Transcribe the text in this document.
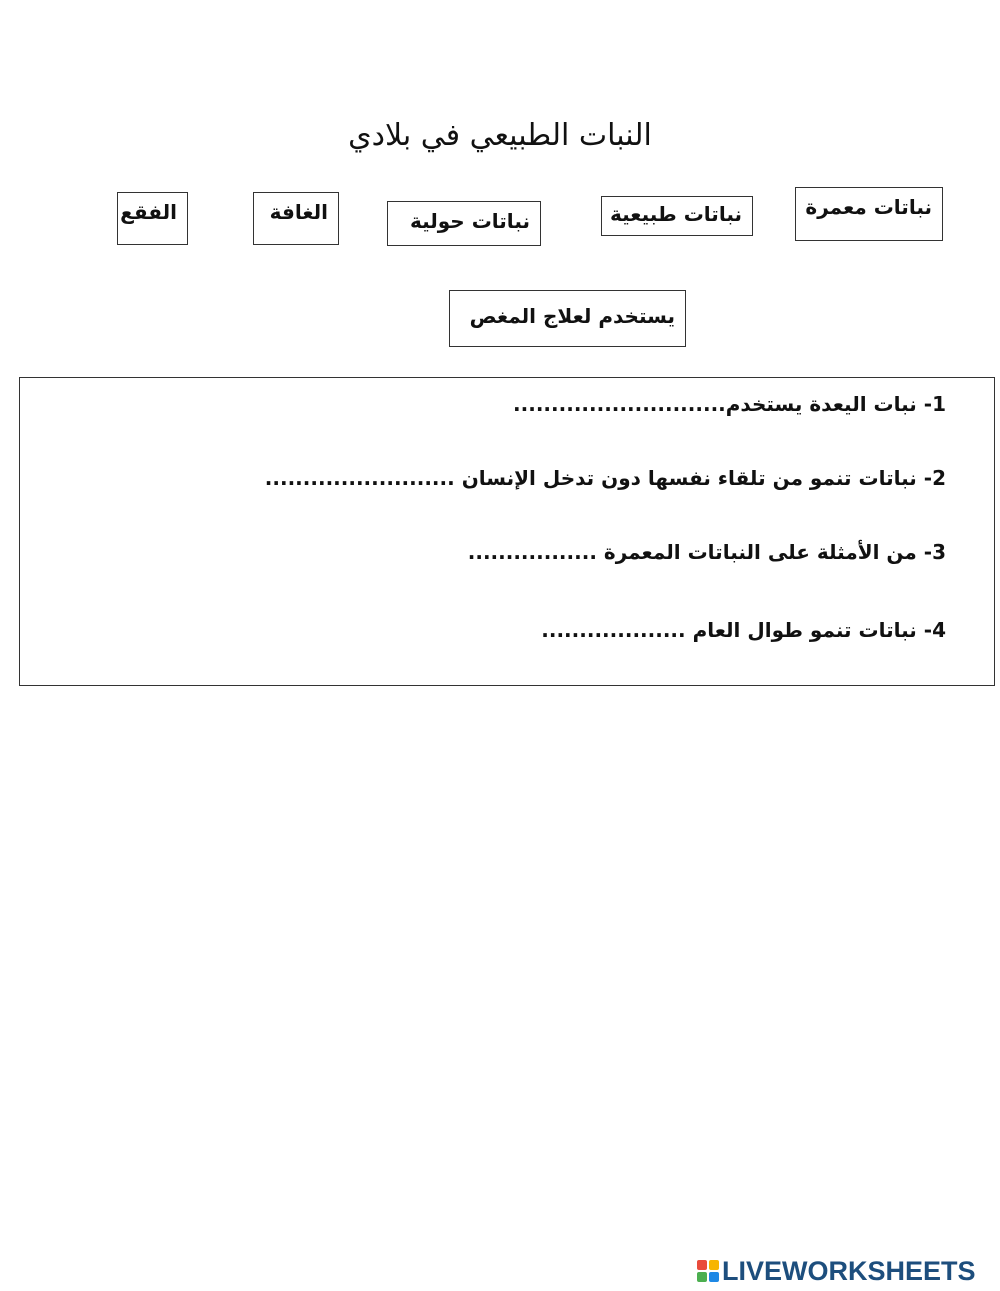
النبات الطبيعي في بلادي
نباتات معمرة
نباتات طبيعية
نباتات حولية
الغافة
الفقع
يستخدم لعلاج المغص
1- نبات اليعدة يستخدم............................
2- نباتات تنمو من تلقاء نفسها دون تدخل الإنسان .........................
3- من الأمثلة على النباتات المعمرة .................
4- نباتات تنمو طوال العام ...................
LIVEWORKSHEETS
